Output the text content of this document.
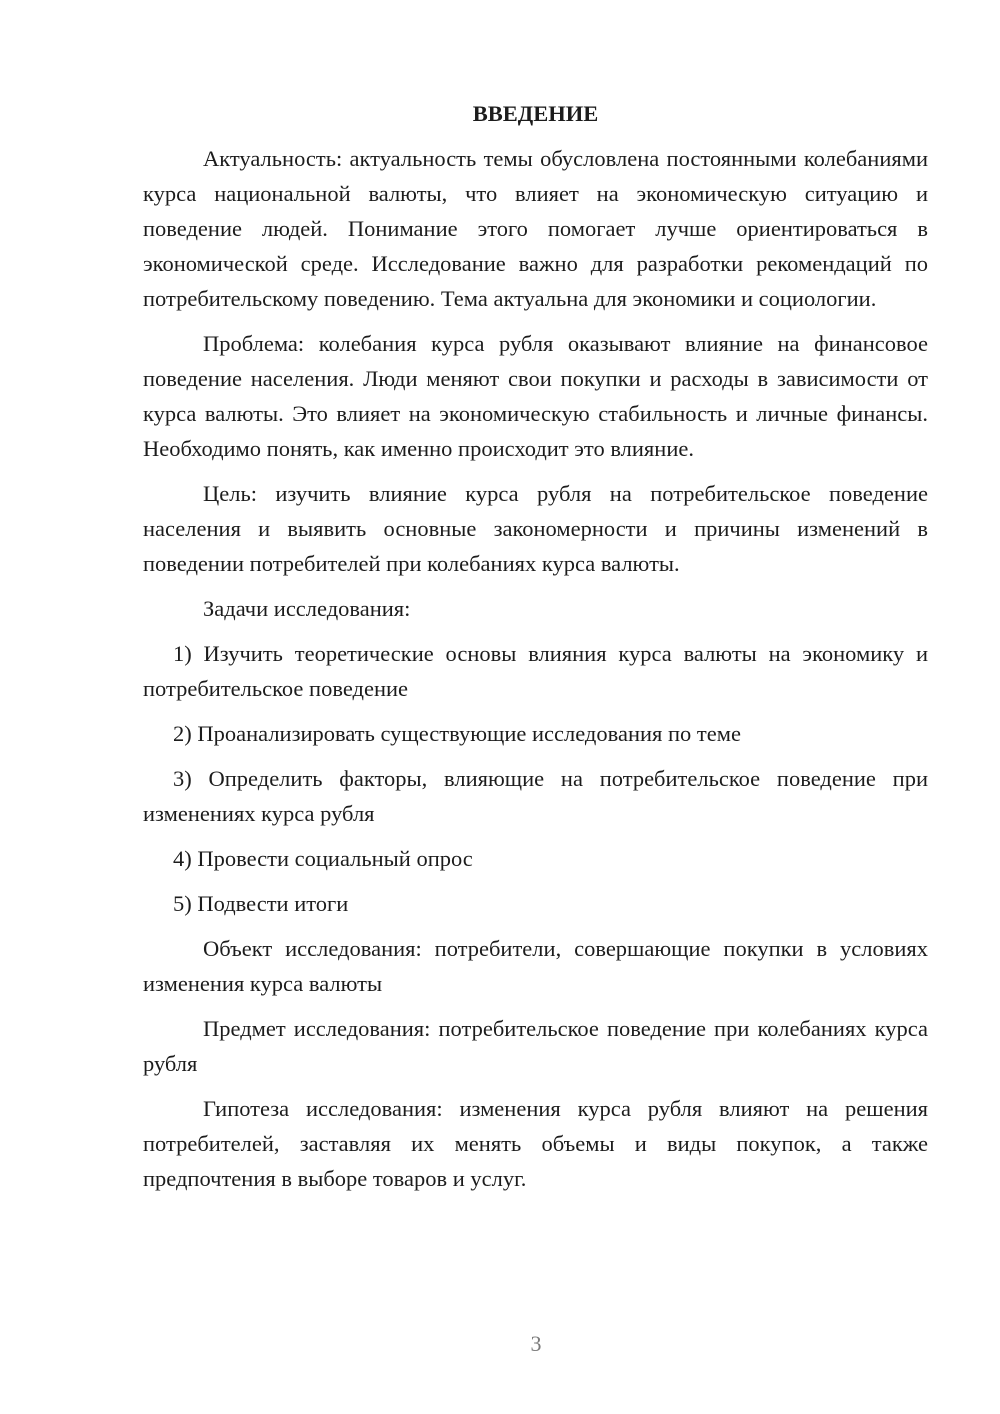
ВВЕДЕНИЕ

Актуальность: актуальность темы обусловлена постоянными колебаниями курса национальной валюты, что влияет на экономическую ситуацию и поведение людей. Понимание этого помогает лучше ориентироваться в экономической среде. Исследование важно для разработки рекомендаций по потребительскому поведению. Тема актуальна для экономики и социологии.

Проблема: колебания курса рубля оказывают влияние на финансовое поведение населения. Люди меняют свои покупки и расходы в зависимости от курса валюты. Это влияет на экономическую стабильность и личные финансы. Необходимо понять, как именно происходит это влияние.

Цель: изучить влияние курса рубля на потребительское поведение населения и выявить основные закономерности и причины изменений в поведении потребителей при колебаниях курса валюты.

Задачи исследования:

1) Изучить теоретические основы влияния курса валюты на экономику и потребительское поведение

2) Проанализировать существующие исследования по теме

3) Определить факторы, влияющие на потребительское поведение при изменениях курса рубля

4) Провести социальный опрос

5) Подвести итоги

Объект исследования: потребители, совершающие покупки в условиях изменения курса валюты

Предмет исследования: потребительское поведение при колебаниях курса рубля

Гипотеза исследования: изменения курса рубля влияют на решения потребителей, заставляя их менять объемы и виды покупок, а также предпочтения в выборе товаров и услуг.

3
